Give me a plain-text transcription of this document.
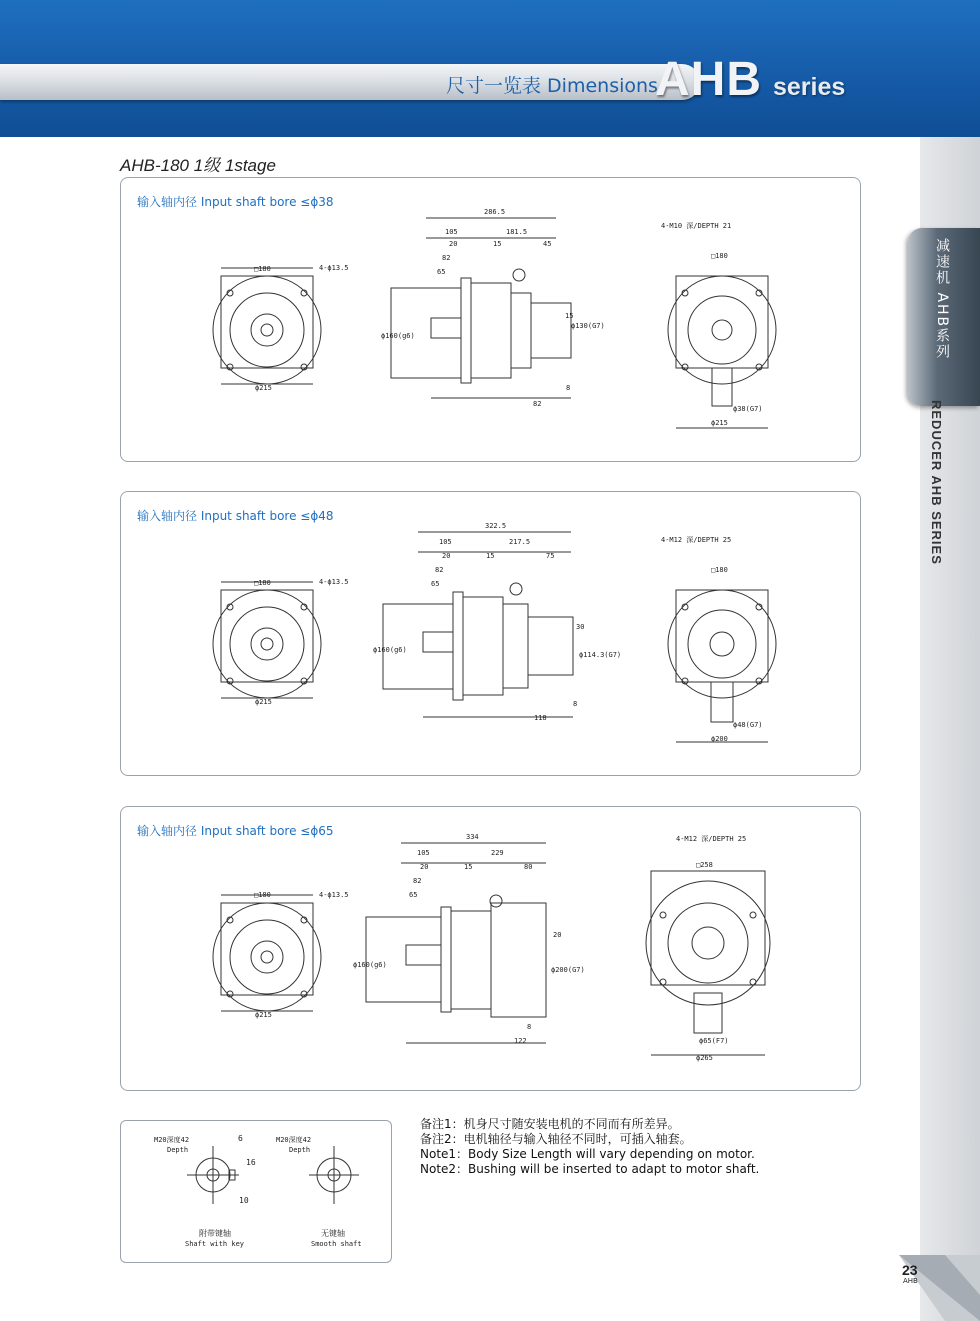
尺寸一览表 Dimensions
AHB series
减速机 AHB系列
REDUCER AHB SERIES
AHB-180 1级 1stage
输入轴内径 Input shaft bore ≤ϕ38
□180	4-ϕ13.5
ϕ215
286.5
105	181.5
20	15	45
82
65
ϕ160(g6)
ϕ130(G7)
15
8
82
4-M10 深/DEPTH 21
□180
ϕ38(G7)
ϕ215
输入轴内径 Input shaft bore ≤ϕ48
□180	4-ϕ13.5
ϕ215
322.5
105	217.5
20	15	75
82
65
ϕ160(g6)
ϕ114.3(G7)
30
8
118
4-M12 深/DEPTH 25
□180
ϕ48(G7)
ϕ200
输入轴内径 Input shaft bore ≤ϕ65
□180	4-ϕ13.5
ϕ215
334
105	229
20	15	80
82
65
ϕ160(g6)
ϕ200(G7)
20
8
122
4-M12 深/DEPTH 25
□258
ϕ65(F7)
ϕ265
M20深度42
Depth
6
16
10
附带键轴
Shaft with key
M20深度42
Depth
无键轴
Smooth shaft
备注1：机身尺寸随安装电机的不同而有所差异。
备注2：电机轴径与输入轴径不同时，可插入轴套。
Note1：Body Size Length will vary depending on motor.
Note2：Bushing will be inserted to adapt to motor shaft.
23
AHB
